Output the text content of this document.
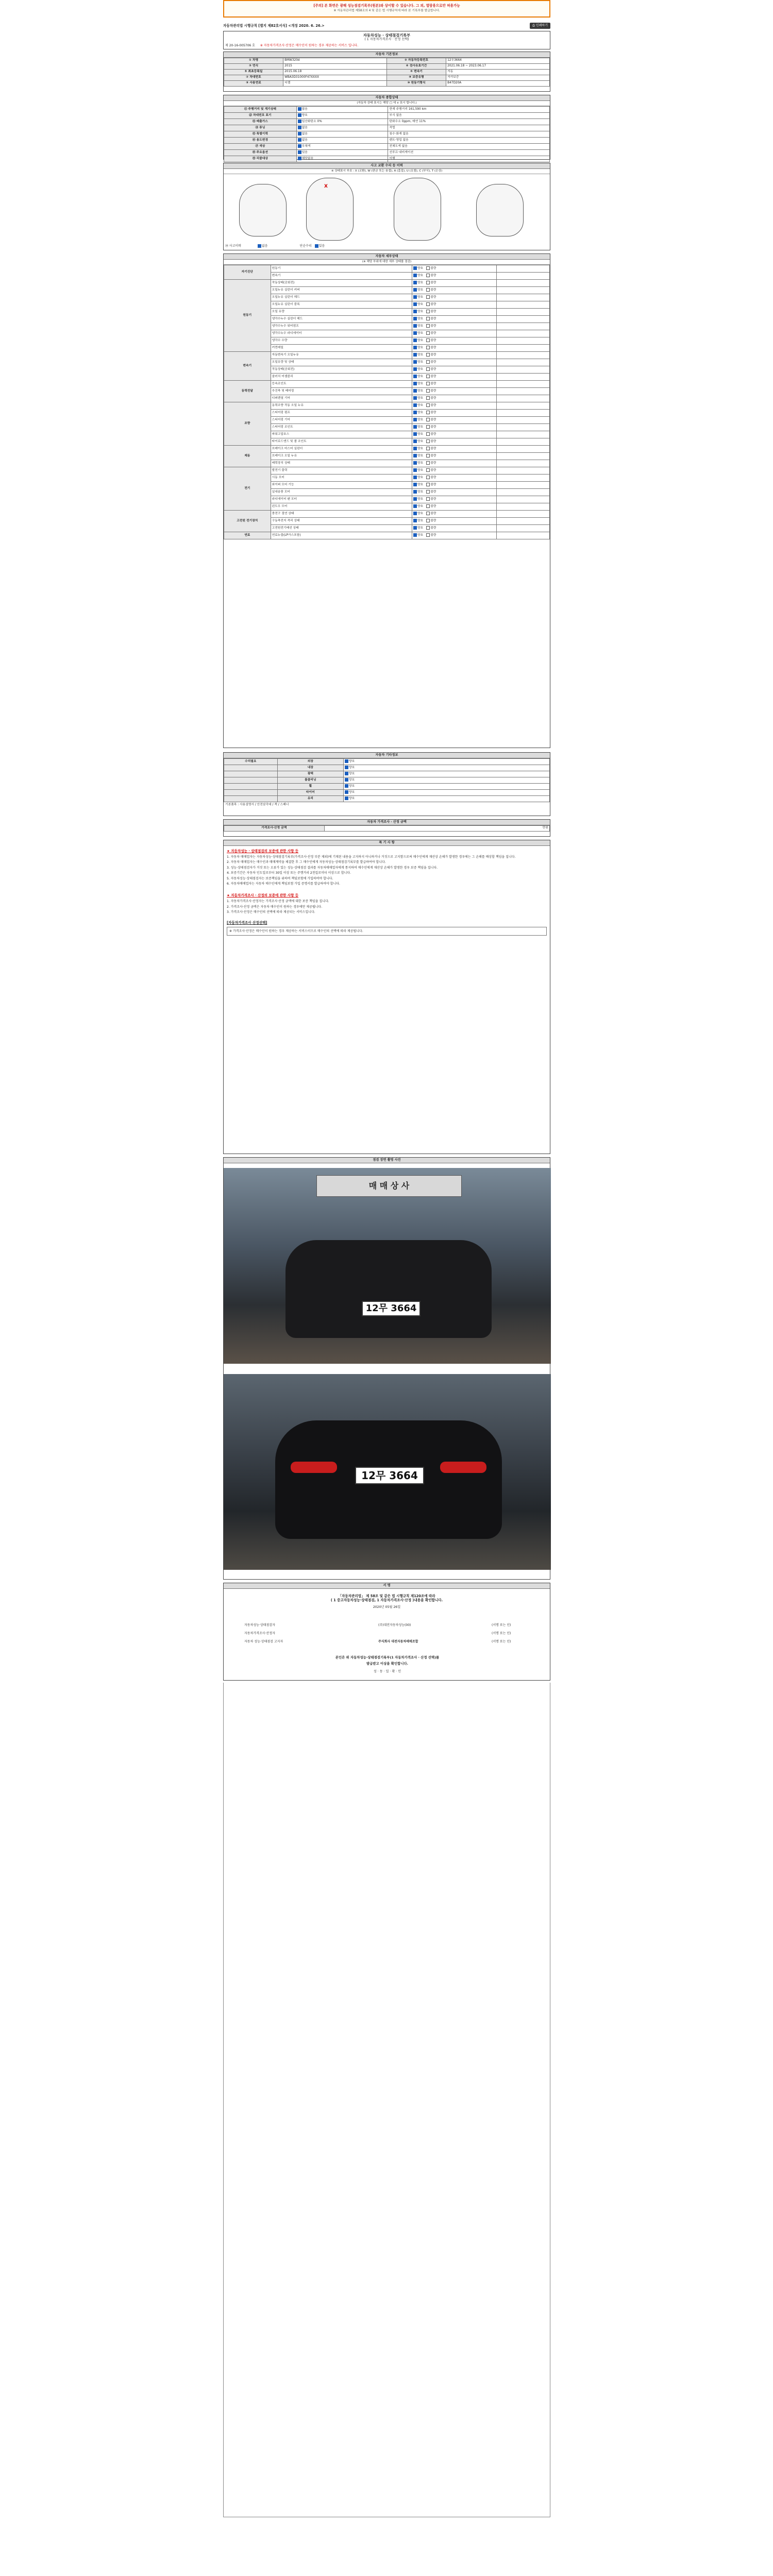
[주의] 본 화면은 광해 성능점검기록부(원본)와 상이할 수 있습니다. 그 외, 열람용으로만 허용가능
※ 자동차관리법 제58조의 4 및 같은 법 시행규칙에 따라 본 기록부를 발급합니다.
자동차관리법 시행규칙 [별지 제82호서식] <개정 2020. 6. 26.>	⎙ 인쇄하기
자동차성능 · 상태점검기록부
( 1 자동차가격조사 · 산정 선택)
제 20-16-005706 호 ※ 자동차가격조사·산정은 매수인이 원하는 경우 제공하는 서비스 입니다.
자동차 기본정보
① 차명	BMW320d	② 자동차등록번호	12무3664
③ 연식	2015	④ 검사유효기간	2021.06.18 ~ 2023.06.17
⑤ 최초등록일	2015.06.18	⑥ 변속기	자동
⑦ 차대번호	WBA3D31000F47XXXX	⑧ 보증유형	자가보증
⑨ 사용연료	디젤	⑩ 원동기형식	B47D20A
자동차 종합상태
(자동차 상태 표시는 해당 □ 에 ∨ 표시 합니다.)
⑪ 주행거리 및 계기상태	많음	현재 주행거리 161,590 km
⑫ 차대번호 표기	양호	부식 없음
⑬ 배출가스	일산화탄소 0%	탄화수소 0ppm, 매연 11%
⑭ 튜닝	없음	적법
⑮ 특별이력	없음	침수·화재 없음
⑯ 용도변경	없음	렌트·영업 없음
⑰ 색상	무채색	전체도색 없음
⑱ 주요옵션	있음	선루프·내비게이션
⑲ 리콜대상	해당없음	이행
사고 교환 수리 등 이력
※ 상태표시 부호 : X (교환), W (판금 또는 용접), A (흠집), U (요철), C (부식), T (손상)
X
⑳ 사고이력	없음	단순수리 있음
자동차 세부상태
(※ 해당 부위에 대한 세부 상태를 점검)
자기진단	원동기	양호 불량	
	변속기	양호 불량	
원동기	작동상태(공회전)	양호 불량	
	오일누유 실린더 커버	양호 불량	
	오일누유 실린더 헤드	양호 불량	
	오일누유 실린더 블록	양호 불량	
	오일 유량	양호 불량	
	냉각수누수 실린더 헤드	양호 불량	
	냉각수누수 워터펌프	양호 불량	
	냉각수누수 라디에이터	양호 불량	
	냉각수 수량	양호 불량	
	커먼레일	양호 불량	
변속기	자동변속기 오일누유	양호 불량	
	오일유량 및 상태	양호 불량	
	작동상태(공회전)	양호 불량	
	클러치 어셈블리	양호 불량	
동력전달	등속조인트	양호 불량	
	추진축 및 베어링	양호 불량	
	디퍼렌셜 기어	양호 불량	
조향	동력조향 작동 오일 누유	양호 불량	
	스티어링 펌프	양호 불량	
	스티어링 기어	양호 불량	
	스티어링 조인트	양호 불량	
	파워고압호스	양호 불량	
	타이로드엔드 및 볼 조인트	양호 불량	
제동	브레이크 마스터 실린더	양호 불량	
	브레이크 오일 누유	양호 불량	
	배력장치 상태	양호 불량	
전기	발전기 출력	양호 불량	
	시동 모터	양호 불량	
	와이퍼 모터 기능	양호 불량	
	실내송풍 모터	양호 불량	
	라디에이터 팬 모터	양호 불량	
	윈도우 모터	양호 불량	
고전원 전기장치	충전구 절연 상태	양호 불량	
	구동축전지 격리 상태	양호 불량	
	고전원전기배선 상태	양호 불량	
연료	연료누출(LP가스포함)	양호 불량	
자동차 기타정보
수리필요	외장	양호
	내장	양호
	광택	양호
	룸클리닝	양호
	휠	양호
	타이어	양호
	유리	양호
기본품목 : 사용설명서 / 안전삼각대 / 잭 / 스패너
자동차 가격조사 · 산정 금액
가격조사·산정 금액	만원
특 기 사 항
★ 자동차성능 · 상태점검의 보증에 관한 사항 등

1. 자동차 매매업자는 자동차성능·상태점검기록부(가격조사·산정 부분 제외)에 기재된 내용을 고지하지 아니하거나 거짓으로 고지함으로써 매수인에게 재산상 손해가 발생한 경우에는 그 손해를 배상할 책임을 집니다.

2. 자동차 매매업자는 매수인과 매매계약을 체결한 후 그 매수인에게 자동차성능·상태점검기록부를 발급하여야 합니다.

3. 성능·상태점검자가 거짓 또는 오류가 있는 성능·상태점검 결과를 자동차매매업자에게 통지하여 매수인에게 재산상 손해가 발생한 경우 보증 책임을 집니다.

4. 보증기간은 자동차 인도일로부터 30일 이상 또는 주행거리 2천킬로미터 이상으로 합니다.

5. 자동차성능·상태점검자는 보증책임을 위하여 책임보험에 가입하여야 합니다.

6. 자동차매매업자는 자동차 매수인에게 책임보험 가입 증명서를 발급하여야 합니다.

★ 자동차가격조사 · 산정의 보증에 관한 사항 등

1. 자동차가격조사·산정자는 가격조사·산정 금액에 대한 보증 책임을 집니다.

2. 가격조사·산정 금액은 자동차 매수인이 원하는 경우에만 제공됩니다.

3. 가격조사·산정은 매수인의 선택에 따라 제공되는 서비스입니다.

[자동차가격조사 산정선택]
※ 가격조사·산정은 매수인이 원하는 경우 제공하는 서비스이므로 매수인의 선택에 따라 제공됩니다.
점검 장면 촬영 사진
매 매 상 사
12무 3664
12무 3664
서 명
「자동차관리법」 제 58조 및 같은 법 시행규칙 제120조에 따라
( 1 중고자동차성능·상태점검, 1 자동차가격조사·산정 )내용을 확인합니다.
2020년 05월 26일
자동차성능·상태점검자	(주)대전자동차성능(00)	(서명 또는 인)
자동차가격조사·산정자	(서명 또는 인)
자동차 성능·상태점검 고지자	주식회사 대전자동차매매조합	(서명 또는 인)
본인은 위 자동차성능·상태점검기록부(1 자동차가격조사 · 산정 선택)를
발급받고 이상을 확인합니다.
성 · 동 · 일 · 확 · 인
